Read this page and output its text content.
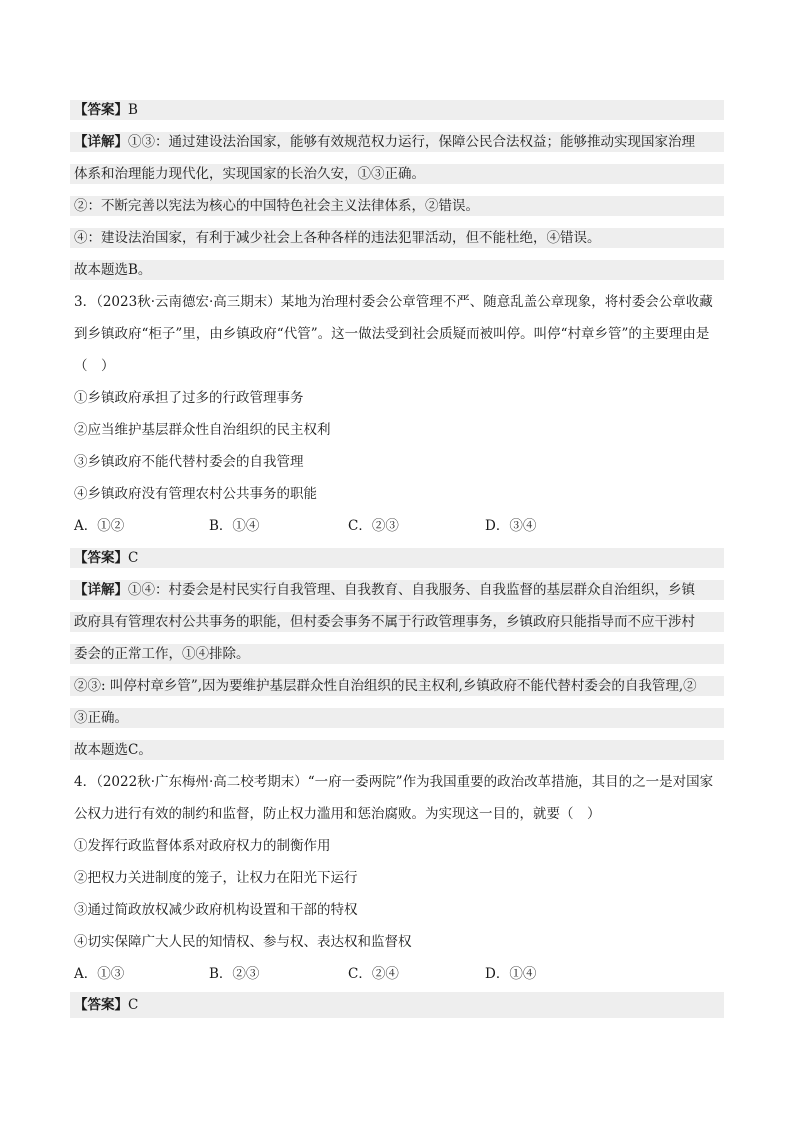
【答案】B
【详解】①③：通过建设法治国家，能够有效规范权力运行，保障公民合法权益；能够推动实现国家治理
体系和治理能力现代化，实现国家的长治久安，①③正确。
②：不断完善以宪法为核心的中国特色社会主义法律体系，②错误。
④：建设法治国家，有利于减少社会上各种各样的违法犯罪活动，但不能杜绝，④错误。
故本题选B。
3．（2023秋·云南德宏·高三期末）某地为治理村委会公章管理不严、随意乱盖公章现象，将村委会公章收藏
到乡镇政府“柜子”里，由乡镇政府“代管”。这一做法受到社会质疑而被叫停。叫停“村章乡管”的主要理由是
（　）
①乡镇政府承担了过多的行政管理事务
②应当维护基层群众性自治组织的民主权利
③乡镇政府不能代替村委会的自我管理
④乡镇政府没有管理农村公共事务的职能
A．①②	B．①④	C．②③	D．③④
【答案】C
【详解】①④：村委会是村民实行自我管理、自我教育、自我服务、自我监督的基层群众自治组织，乡镇
政府具有管理农村公共事务的职能，但村委会事务不属于行政管理事务，乡镇政府只能指导而不应干涉村
委会的正常工作，①④排除。
②③: 叫停村章乡管”,因为要维护基层群众性自治组织的民主权利,乡镇政府不能代替村委会的自我管理,②
③正确。
故本题选C。
4．（2022秋·广东梅州·高二校考期末）“一府一委两院”作为我国重要的政治改革措施，其目的之一是对国家
公权力进行有效的制约和监督，防止权力滥用和惩治腐败。为实现这一目的，就要（　）
①发挥行政监督体系对政府权力的制衡作用
②把权力关进制度的笼子，让权力在阳光下运行
③通过简政放权减少政府机构设置和干部的特权
④切实保障广大人民的知情权、参与权、表达权和监督权
A．①③	B．②③	C．②④	D．①④
【答案】C
